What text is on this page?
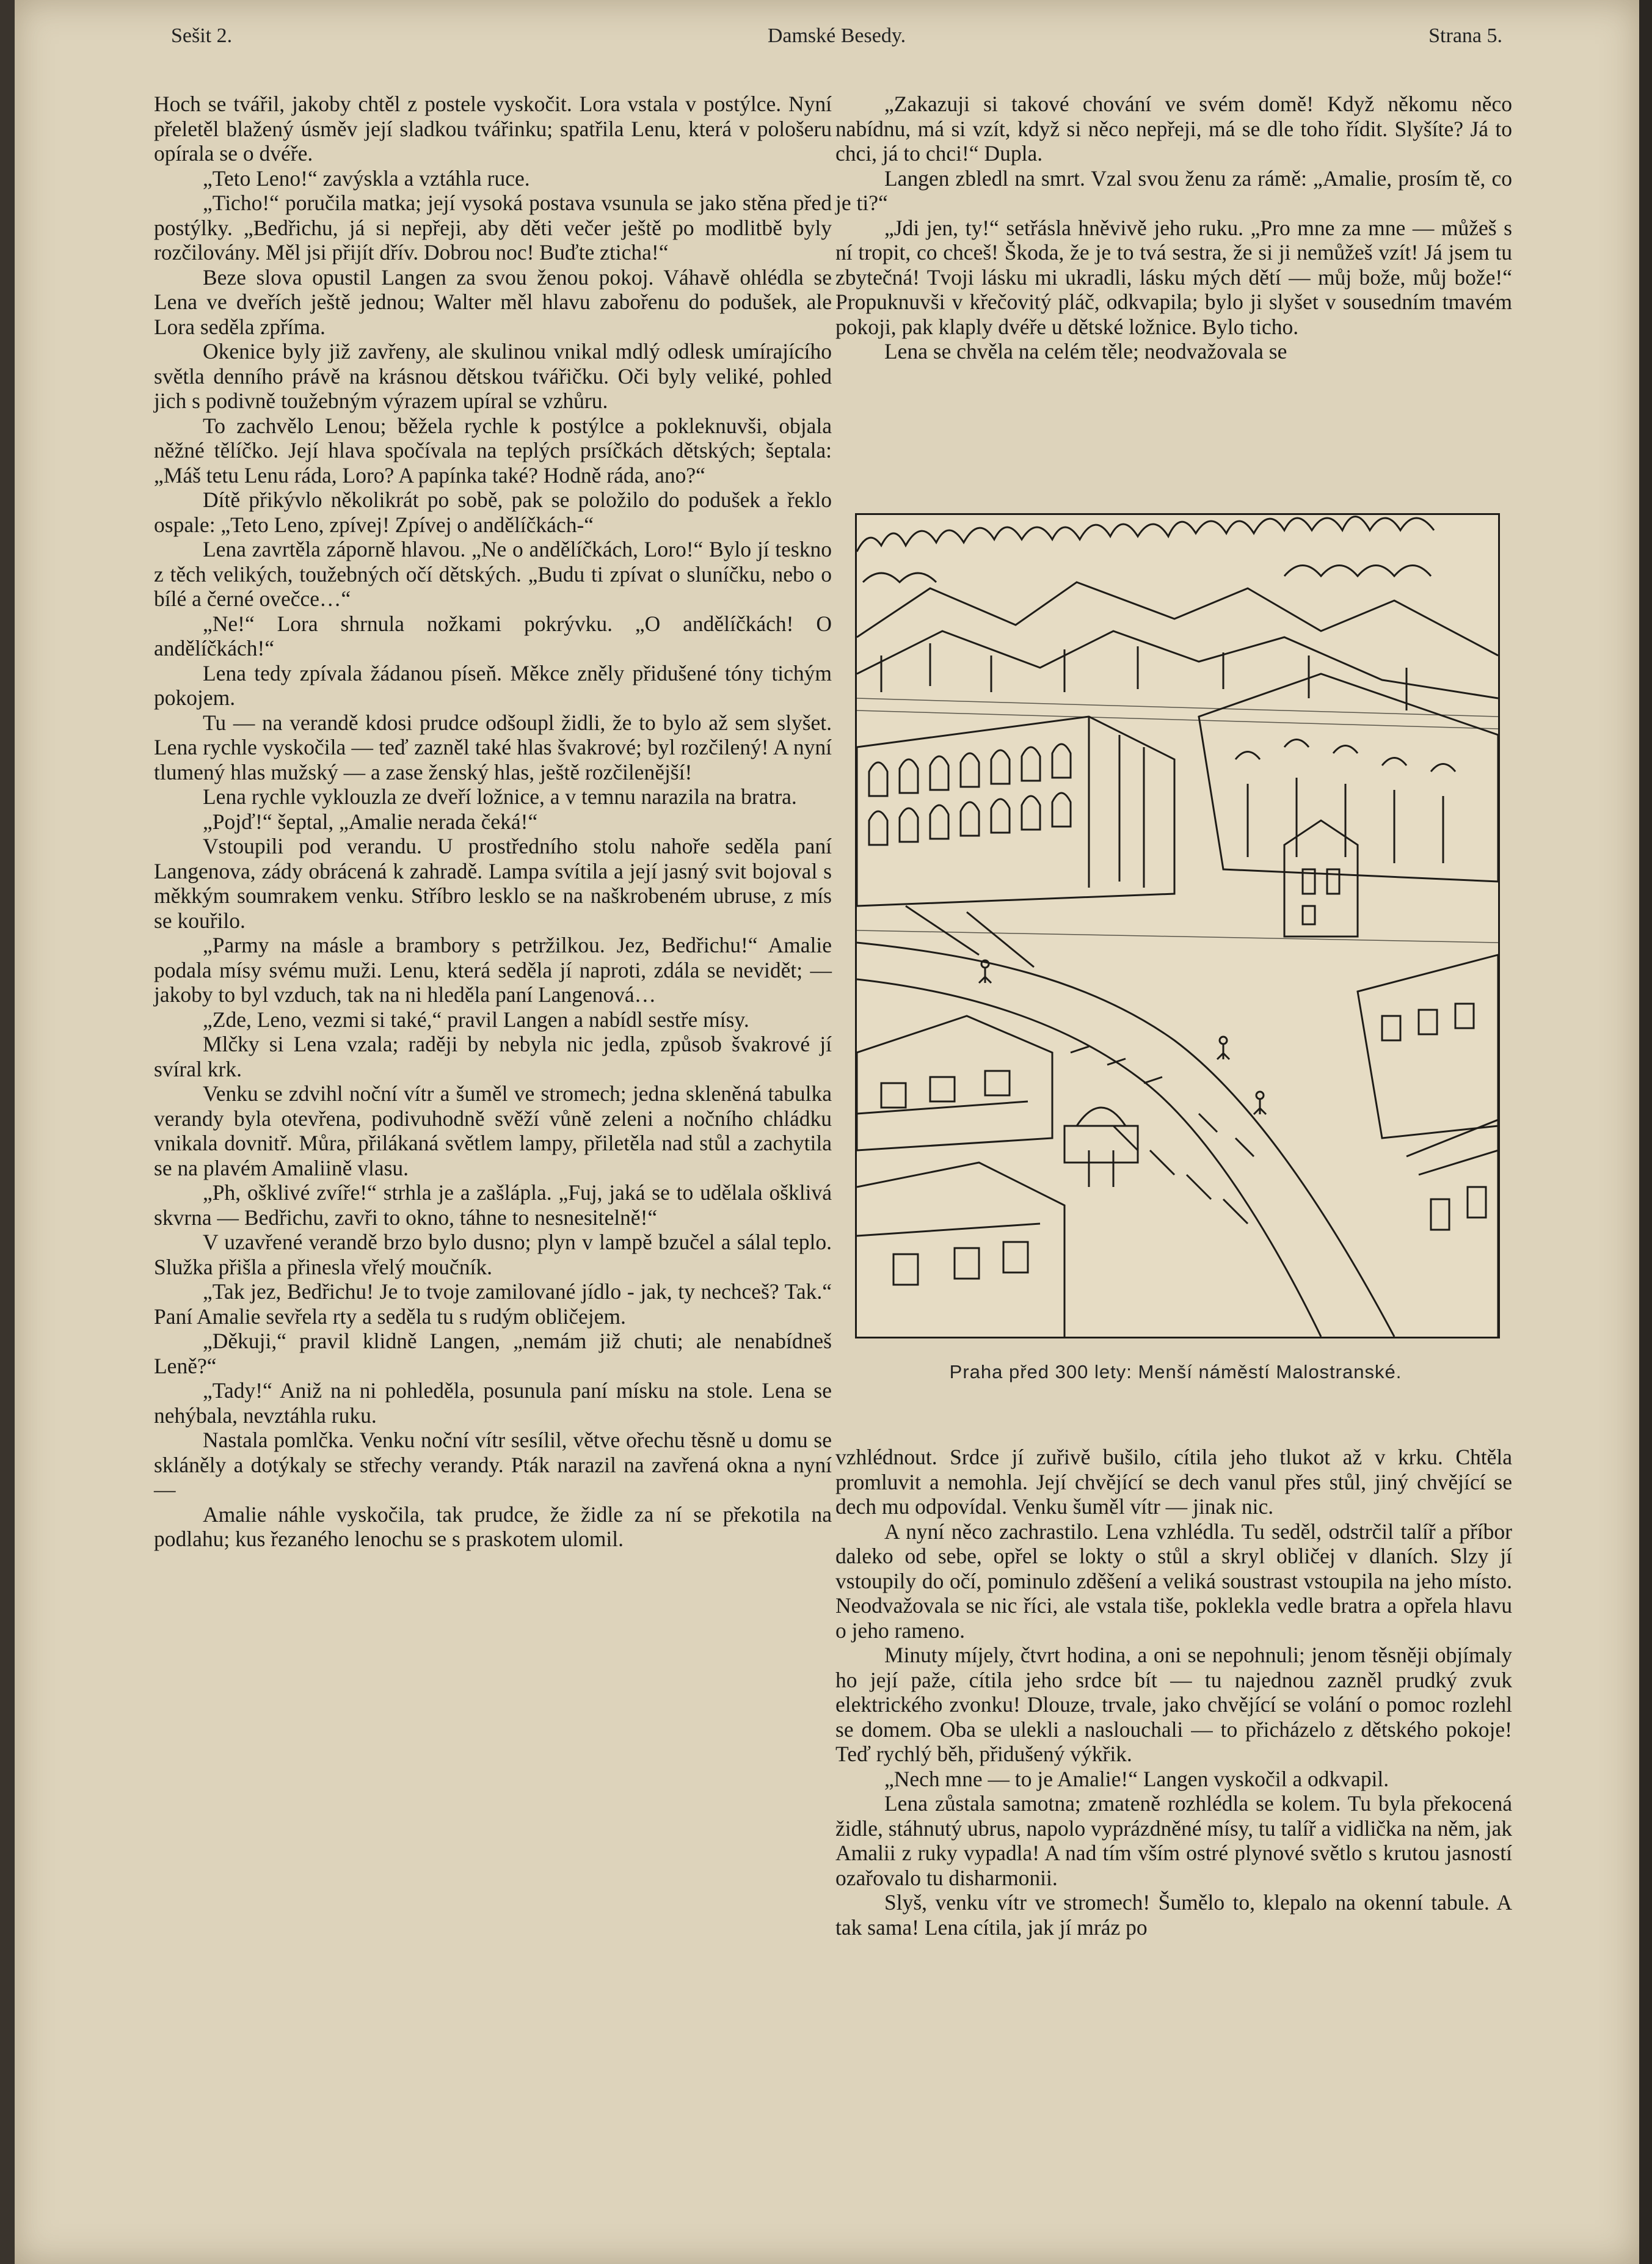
Sešit 2.	Damské Besedy.	Strana 5.

Hoch se tvářil, jakoby chtěl z postele vyskočit. Lora vstala v postýlce. Nyní přeletěl blažený úsměv její sladkou tvářinku; spatřila Lenu, která v pološeru opírala se o dvéře.

„Teto Leno!“ zavýskla a vztáhla ruce.

„Ticho!“ poručila matka; její vysoká postava vsunula se jako stěna před postýlky. „Bedřichu, já si nepřeji, aby děti večer ještě po modlitbě byly rozčilovány. Měl jsi přijít dřív. Dobrou noc! Buďte zticha!“

Beze slova opustil Langen za svou ženou pokoj. Váhavě ohlédla se Lena ve dveřích ještě jednou; Walter měl hlavu zabořenu do podušek, ale Lora seděla zpříma.

Okenice byly již zavřeny, ale skulinou vnikal mdlý odlesk umírajícího světla denního právě na krásnou dětskou tvářičku. Oči byly veliké, pohled jich s podivně toužebným výrazem upíral se vzhůru.

To zachvělo Lenou; běžela rychle k postýlce a pokleknuvši, objala něžné tělíčko. Její hlava spočívala na teplých prsíčkách dětských; šeptala: „Máš tetu Lenu ráda, Loro? A papínka také? Hodně ráda, ano?“

Dítě přikývlo několikrát po sobě, pak se položilo do podušek a řeklo ospale: „Teto Leno, zpívej! Zpívej o andělíčkách-“

Lena zavrtěla záporně hlavou. „Ne o andělíčkách, Loro!“ Bylo jí teskno z těch velikých, toužebných očí dětských. „Budu ti zpívat o sluníčku, nebo o bílé a černé ovečce…“

„Ne!“ Lora shrnula nožkami pokrývku. „O andělíčkách! O andělíčkách!“

Lena tedy zpívala žádanou píseň. Měkce zněly přidušené tóny tichým pokojem.

Tu — na verandě kdosi prudce odšoupl židli, že to bylo až sem slyšet. Lena rychle vyskočila — teď zazněl také hlas švakrové; byl rozčilený! A nyní tlumený hlas mužský — a zase ženský hlas, ještě rozčilenější!

Lena rychle vyklouzla ze dveří ložnice, a v temnu narazila na bratra.

„Pojď!“ šeptal, „Amalie nerada čeká!“

Vstoupili pod verandu. U prostředního stolu nahoře seděla paní Langenova, zády obrácená k zahradě. Lampa svítila a její jasný svit bojoval s měkkým soumrakem venku. Stříbro lesklo se na naškrobeném ubruse, z mís se kouřilo.

„Parmy na másle a brambory s petržilkou. Jez, Bedřichu!“ Amalie podala mísy svému muži. Lenu, která seděla jí naproti, zdála se nevidět; — jakoby to byl vzduch, tak na ni hleděla paní Langenová…

„Zde, Leno, vezmi si také,“ pravil Langen a nabídl sestře mísy.

Mlčky si Lena vzala; raději by nebyla nic jedla, způsob švakrové jí svíral krk.

Venku se zdvihl noční vítr a šuměl ve stromech; jedna skleněná tabulka verandy byla otevřena, podivuhodně svěží vůně zeleni a nočního chládku vnikala dovnitř. Můra, přilákaná světlem lampy, přiletěla nad stůl a zachytila se na plavém Amaliině vlasu.

„Ph, ošklivé zvíře!“ strhla je a zašlápla. „Fuj, jaká se to udělala ošklivá skvrna — Bedřichu, zavři to okno, táhne to nesnesitelně!“

V uzavřené verandě brzo bylo dusno; plyn v lampě bzučel a sálal teplo. Služka přišla a přinesla vřelý moučník.

„Tak jez, Bedřichu! Je to tvoje zamilované jídlo - jak, ty nechceš? Tak.“ Paní Amalie sevřela rty a seděla tu s rudým obličejem.

„Děkuji,“ pravil klidně Langen, „nemám již chuti; ale nenabídneš Leně?“

„Tady!“ Aniž na ni pohleděla, posunula paní mísku na stole. Lena se nehýbala, nevztáhla ruku.

Nastala pomlčka. Venku noční vítr sesílil, větve ořechu těsně u domu se skláněly a dotýkaly se střechy verandy. Pták narazil na zavřená okna a nyní —

Amalie náhle vyskočila, tak prudce, že židle za ní se překotila na podlahu; kus řezaného lenochu se s praskotem ulomil.

„Zakazuji si takové chování ve svém domě! Když někomu něco nabídnu, má si vzít, když si něco nepřeji, má se dle toho řídit. Slyšíte? Já to chci, já to chci!“ Dupla.

Langen zbledl na smrt. Vzal svou ženu za rámě: „Amalie, prosím tě, co je ti?“

„Jdi jen, ty!“ setřásla hněvivě jeho ruku. „Pro mne za mne — můžeš s ní tropit, co chceš! Škoda, že je to tvá sestra, že si ji nemůžeš vzít! Já jsem tu zbytečná! Tvoji lásku mi ukradli, lásku mých dětí — můj bože, můj bože!“ Propuknuvši v křečovitý pláč, odkvapila; bylo ji slyšet v sousedním tmavém pokoji, pak klaply dvéře u dětské ložnice. Bylo ticho.

Lena se chvěla na celém těle; neodvažovala se

Praha před 300 lety: Menší náměstí Malostranské.

vzhlédnout. Srdce jí zuřivě bušilo, cítila jeho tlukot až v krku. Chtěla promluvit a nemohla. Její chvějící se dech vanul přes stůl, jiný chvějící se dech mu odpovídal. Venku šuměl vítr — jinak nic.

A nyní něco zachrastilo. Lena vzhlédla. Tu seděl, odstrčil talíř a příbor daleko od sebe, opřel se lokty o stůl a skryl obličej v dlaních. Slzy jí vstoupily do očí, pominulo zděšení a veliká soustrast vstoupila na jeho místo. Neodvažovala se nic říci, ale vstala tiše, poklekla vedle bratra a opřela hlavu o jeho rameno.

Minuty míjely, čtvrt hodina, a oni se nepohnuli; jenom těsněji objímaly ho její paže, cítila jeho srdce bít — tu najednou zazněl prudký zvuk elektrického zvonku! Dlouze, trvale, jako chvějící se volání o pomoc rozlehl se domem. Oba se ulekli a naslouchali — to přicházelo z dětského pokoje! Teď rychlý běh, přidušený výkřik.

„Nech mne — to je Amalie!“ Langen vyskočil a odkvapil.

Lena zůstala samotna; zmateně rozhlédla se kolem. Tu byla překocená židle, stáhnutý ubrus, napolo vyprázdněné mísy, tu talíř a vidlička na něm, jak Amalii z ruky vypadla! A nad tím vším ostré plynové světlo s krutou jasností ozařovalo tu disharmonii.

Slyš, venku vítr ve stromech! Šumělo to, klepalo na okenní tabule. A tak sama! Lena cítila, jak jí mráz po
